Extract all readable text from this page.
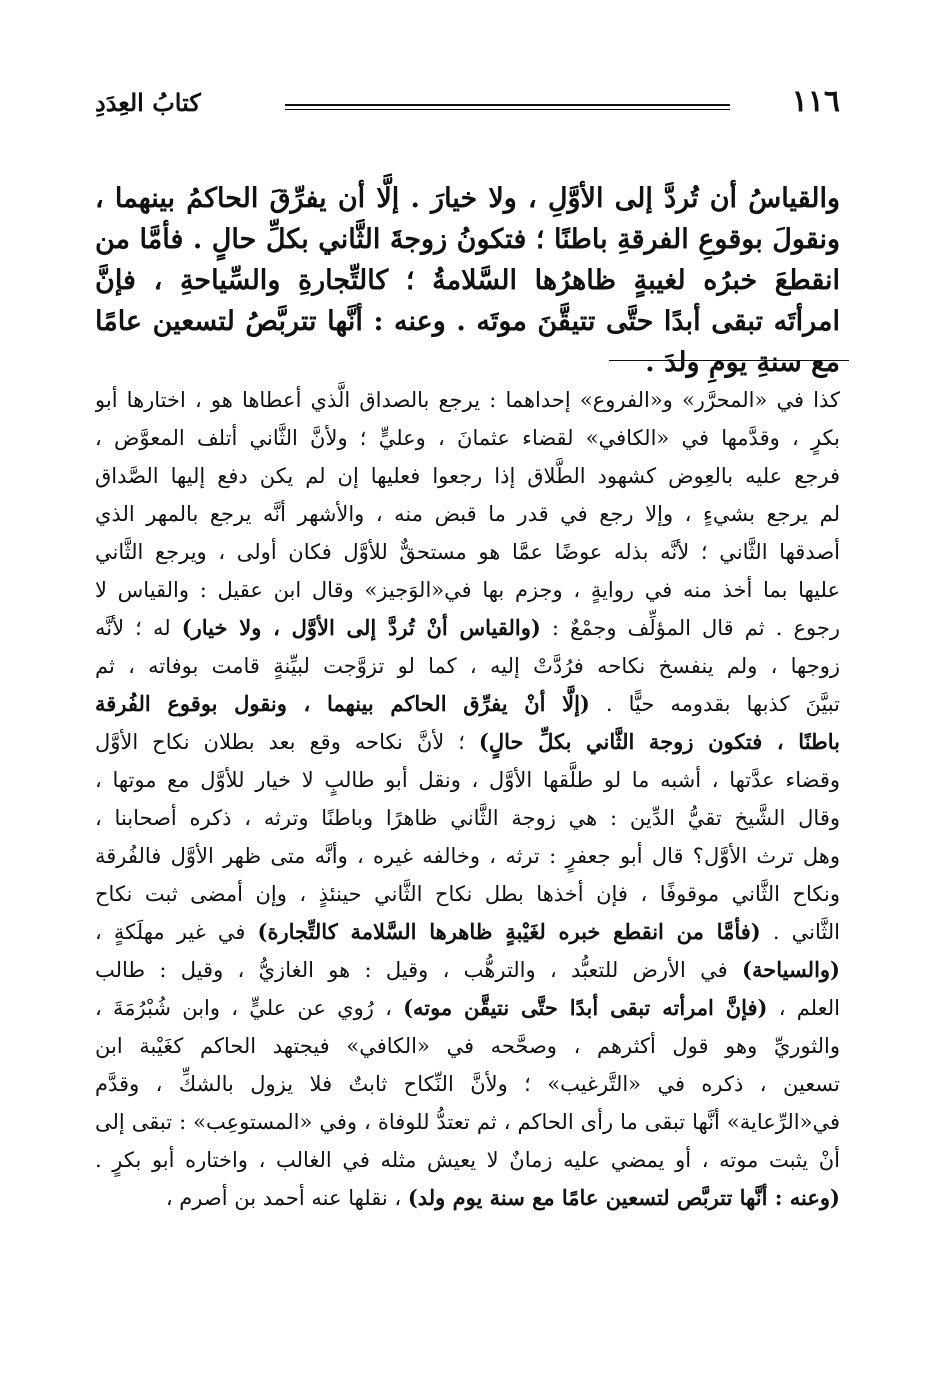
١١٦
كتابُ العِدَدِ

والقياسُ أن تُردَّ إلى الأوَّلِ ، ولا خيارَ . إلَّا أن يفرِّقَ الحاكمُ بينهما ، ونقولَ بوقوعِ الفرقةِ باطنًا ؛ فتكونُ زوجةَ الثَّاني بكلِّ حالٍ . فأمَّا من انقطعَ خبرُه لغيبةٍ ظاهرُها السَّلامةُ ؛ كالتِّجارةِ والسِّياحةِ ، فإنَّ امرأتَه تبقى أبدًا حتَّى تتيقَّنَ موتَه . وعنه : أنَّها تتربَّصُ لتسعين عامًا مع سنةِ يومِ ولدَ .

كذا في «المحرَّر» و«الفروع» إحداهما : يرجع بالصداق الَّذي أعطاها هو ، اختارها أبو
بكرٍ ، وقدَّمها في «الكافي» لقضاء عثمانَ ، وعليٍّ ؛ ولأنَّ الثَّاني أتلف المعوَّض ،
فرجع عليه بالعِوض كشهود الطَّلاق إذا رجعوا فعليها إن لم يكن دفع إليها الصَّداق
لم يرجع بشيءٍ ، وإلا رجع في قدر ما قبض منه ، والأشهر أنَّه يرجع بالمهر الذي
أصدقها الثَّاني ؛ لأنَّه بذله عوضًا عمَّا هو مستحقٌّ للأوَّل فكان أولى ، ويرجع الثَّاني
عليها بما أخذ منه في روايةٍ ، وجزم بها في«الوَجيز» وقال ابن عقيل : والقياس لا
رجوع . ثم قال المؤلِّف وجمْعٌ : (والقياس أنْ تُردَّ إلى الأوَّل ، ولا خيار) له ؛ لأنَّه
زوجها ، ولم ينفسخ نكاحه فرُدَّتْ إليه ، كما لو تزوَّجت لبيِّنةٍ قامت بوفاته ، ثم
تبيَّنَ كذبها بقدومه حيًّا . (إلَّا أنْ يفرِّق الحاكم بينهما ، ونقول بوقوع الفُرقة
باطنًا ، فتكون زوجة الثَّاني بكلِّ حالٍ) ؛ لأنَّ نكاحه وقع بعد بطلان نكاح الأوَّل
وقضاء عدَّتها ، أشبه ما لو طلَّقها الأوَّل ، ونقل أبو طالبٍ لا خيار للأوَّل مع موتها ،
وقال الشَّيخ تقيُّ الدِّين : هي زوجة الثَّاني ظاهرًا وباطنًا وترثه ، ذكره أصحابنا ،
وهل ترث الأوَّل؟ قال أبو جعفرٍ : ترثه ، وخالفه غيره ، وأنَّه متى ظهر الأوَّل فالفُرقة
ونكاح الثَّاني موقوفًا ، فإن أخذها بطل نكاح الثَّاني حينئذٍ ، وإن أمضى ثبت نكاح
الثَّاني . (فأمَّا من انقطع خبره لغَيْبةٍ ظاهرها السَّلامة كالتِّجارة) في غير مهلَكةٍ ،
(والسياحة) في الأرض للتعبُّد ، والترهُّب ، وقيل : هو الغازيُّ ، وقيل : طالب
العلم ، (فإنَّ امرأته تبقى أبدًا حتَّى نتيقَّن موته) ، رُوي عن عليٍّ ، وابن شُبْرُمَةَ ،
والثوريِّ وهو قول أكثرهم ، وصحَّحه في «الكافي» فيجتهد الحاكم كغَيْبة ابن
تسعين ، ذكره في «التَّرغيب» ؛ ولأنَّ النِّكاح ثابتٌ فلا يزول بالشكِّ ، وقدَّم
في«الرِّعاية» أنَّها تبقى ما رأى الحاكم ، ثم تعتدُّ للوفاة ، وفي «المستوعِب» : تبقى إلى
أنْ يثبت موته ، أو يمضي عليه زمانٌ لا يعيش مثله في الغالب ، واختاره أبو بكرٍ .
(وعنه : أنَّها تتربَّص لتسعين عامًا مع سنة يوم ولد) ، نقلها عنه أحمد بن أصرم ،
